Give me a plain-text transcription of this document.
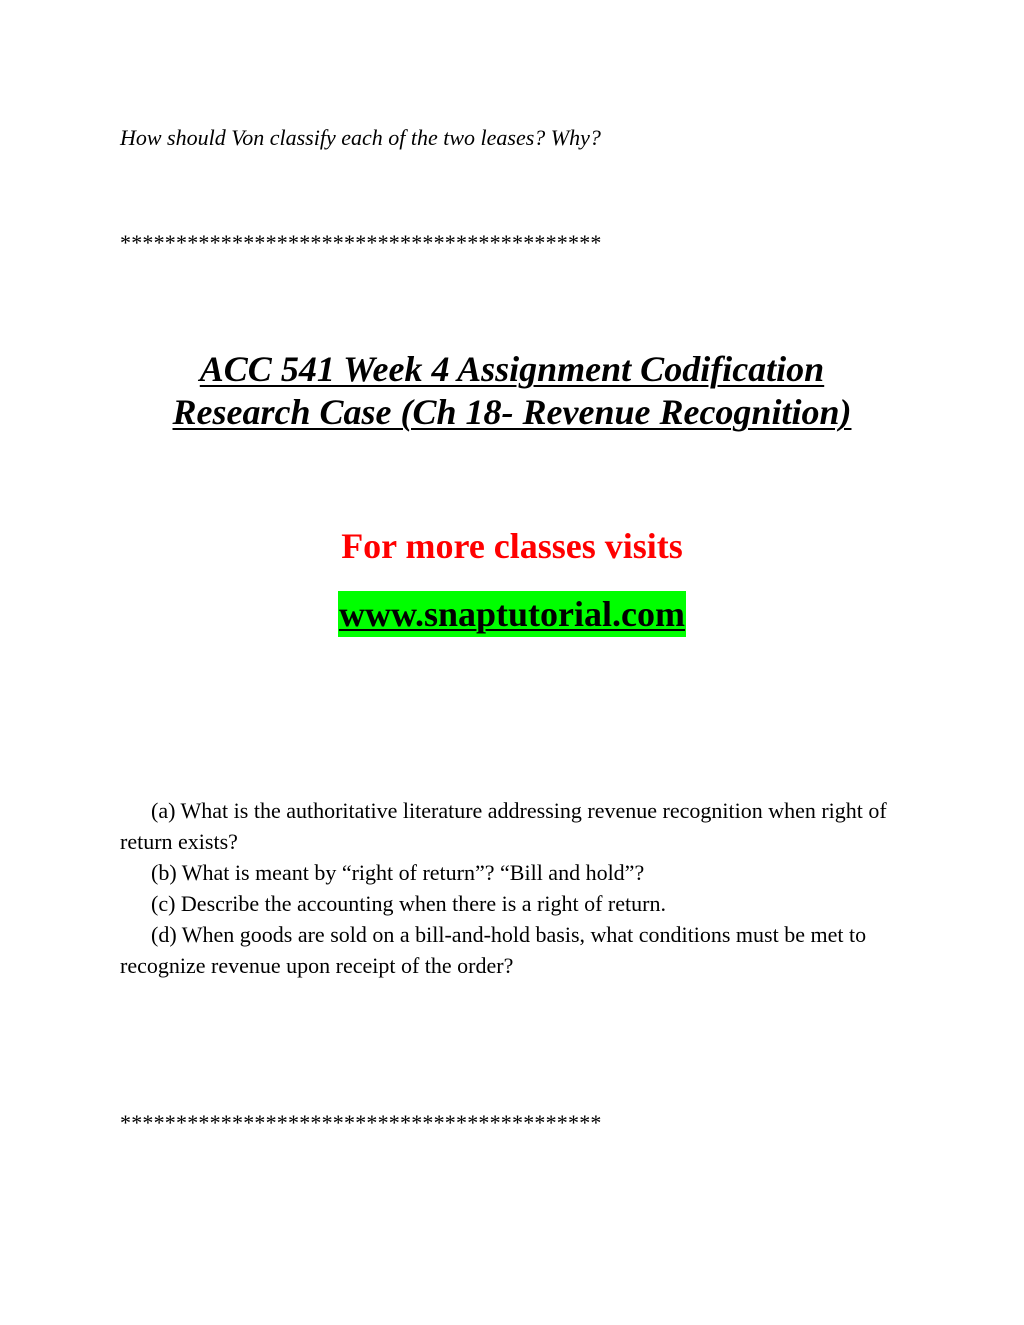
How should Von classify each of the two leases? Why?
*******************************************
ACC 541 Week 4 Assignment Codification
Research Case (Ch 18- Revenue Recognition)
For more classes visits
www.snaptutorial.com

(a) What is the authoritative literature addressing revenue recognition when right of return exists?

(b) What is meant by “right of return”? “Bill and hold”?

(c) Describe the accounting when there is a right of return.

(d) When goods are sold on a bill-and-hold basis, what conditions must be met to recognize revenue upon receipt of the order?

*******************************************
